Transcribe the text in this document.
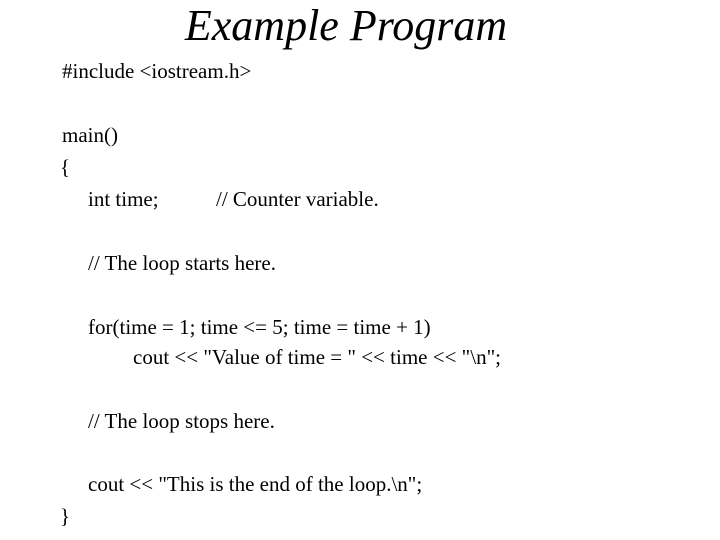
Example Program
#include <iostream.h>
main()
{
int time;	// Counter variable.
// The loop starts here.
for(time = 1; time <= 5; time = time + 1)
cout << "Value of time = " << time << "\n";
// The loop stops here.
cout << "This is the end of the loop.\n";
}
